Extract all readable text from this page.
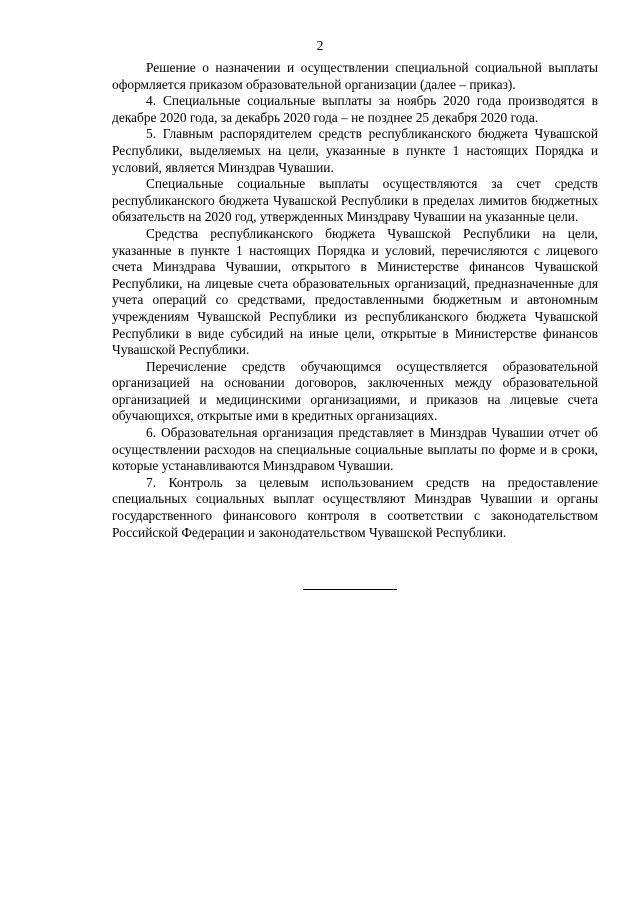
2

Решение о назначении и осуществлении специальной социальной выплаты оформляется приказом образовательной организации (далее – приказ).

4. Специальные социальные выплаты за ноябрь 2020 года производятся в декабре 2020 года, за декабрь 2020 года – не позднее 25 декабря 2020 года.

5. Главным распорядителем средств республиканского бюджета Чувашской Республики, выделяемых на цели, указанные в пункте 1 настоящих Порядка и условий, является Минздрав Чувашии.

Специальные социальные выплаты осуществляются за счет средств республиканского бюджета Чувашской Республики в пределах лимитов бюджетных обязательств на 2020 год, утвержденных Минздраву Чувашии на указанные цели.

Средства республиканского бюджета Чувашской Республики на цели, указанные в пункте 1 настоящих Порядка и условий, перечисляются с лицевого счета Минздрава Чувашии, открытого в Министерстве финансов Чувашской Республики, на лицевые счета образовательных организаций, предназначенные для учета операций со средствами, предоставленными бюджетным и автономным учреждениям Чувашской Республики из республиканского бюджета Чувашской Республики в виде субсидий на иные цели, открытые в Министерстве финансов Чувашской Республики.

Перечисление средств обучающимся осуществляется образовательной организацией на основании договоров, заключенных между образовательной организацией и медицинскими организациями, и приказов на лицевые счета обучающихся, открытые ими в кредитных организациях.

6. Образовательная организация представляет в Минздрав Чувашии отчет об осуществлении расходов на специальные социальные выплаты по форме и в сроки, которые устанавливаются Минздравом Чувашии.

7. Контроль за целевым использованием средств на предоставление специальных социальных выплат осуществляют Минздрав Чувашии и органы государственного финансового контроля в соответствии с законодательством Российской Федерации и законодательством Чувашской Республики.
